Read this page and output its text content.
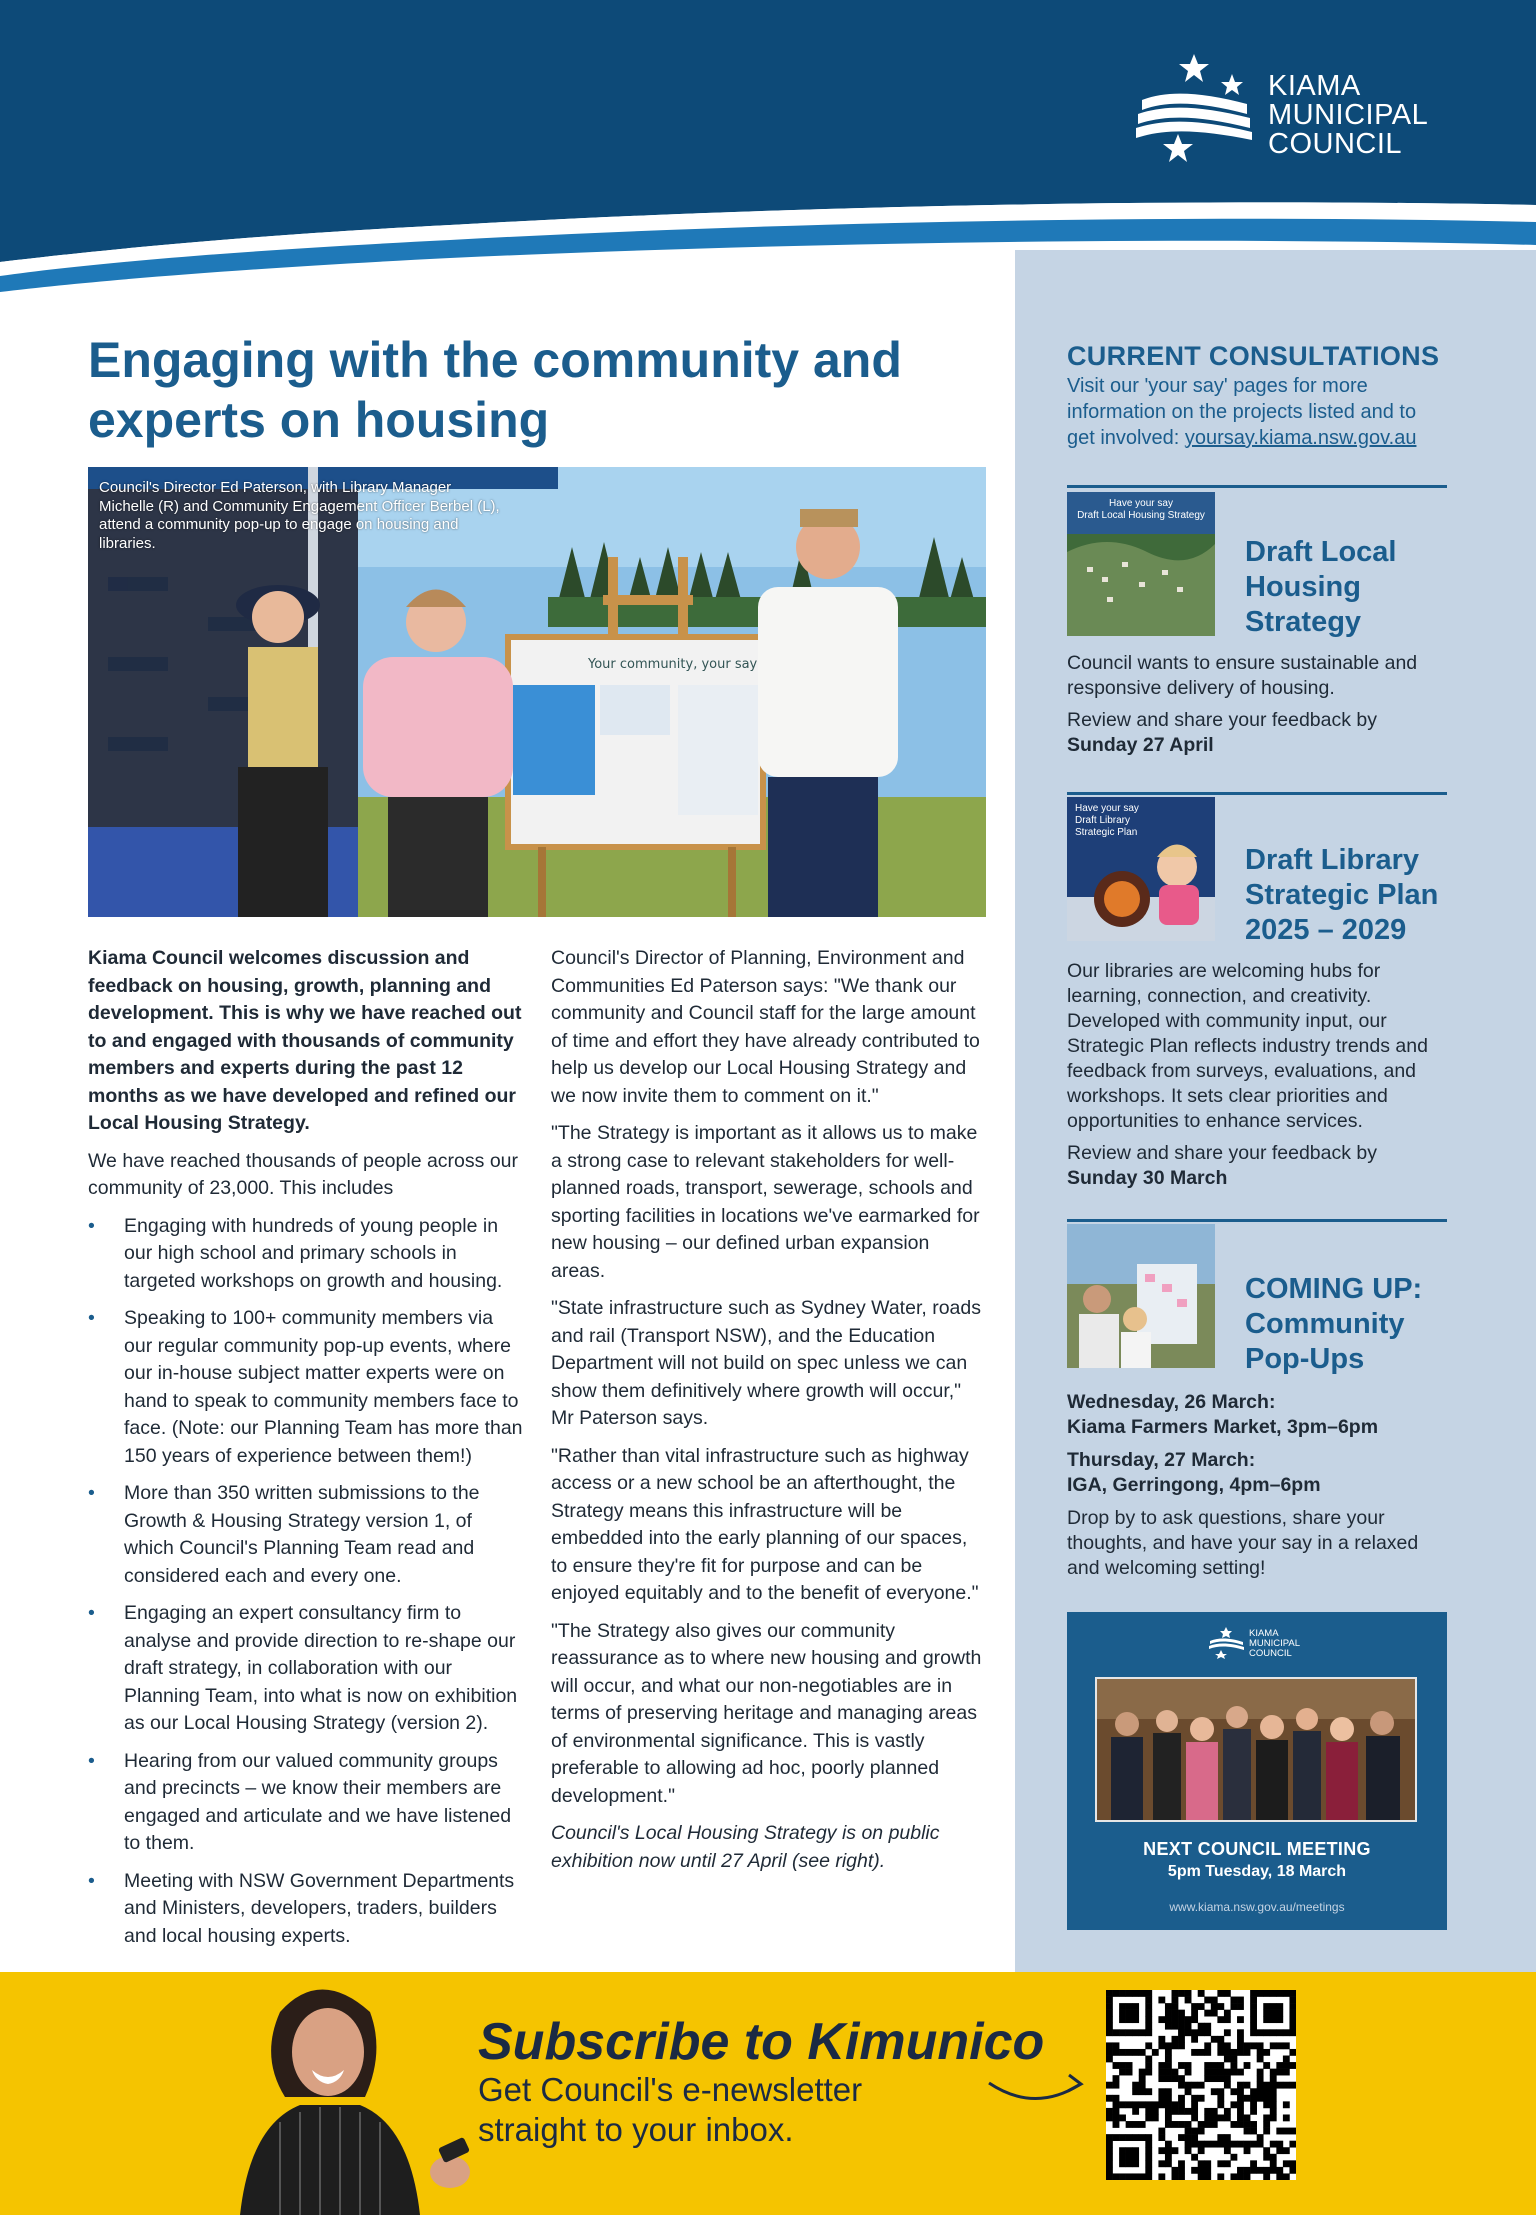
KIAMA
MUNICIPAL
COUNCIL
Engaging with the community and experts on housing
Your community, your say
Council's Director Ed Paterson, with Library Manager Michelle (R) and Community Engagement Officer Berbel (L), attend a community pop-up to engage on housing and libraries.

Kiama Council welcomes discussion and feedback on housing, growth, planning and development. This is why we have reached out to and engaged with thousands of community members and experts during the past 12 months as we have developed and refined our Local Housing Strategy.

We have reached thousands of people across our community of 23,000. This includes

• Engaging with hundreds of young people in our high school and primary schools in targeted workshops on growth and housing.
• Speaking to 100+ community members via our regular community pop-up events, where our in-house subject matter experts were on hand to speak to community members face to face. (Note: our Planning Team has more than 150 years of experience between them!)
• More than 350 written submissions to the Growth & Housing Strategy version 1, of which Council's Planning Team read and considered each and every one.
• Engaging an expert consultancy firm to analyse and provide direction to re-shape our draft strategy, in collaboration with our Planning Team, into what is now on exhibition as our Local Housing Strategy (version 2).
• Hearing from our valued community groups and precincts – we know their members are engaged and articulate and we have listened to them.
• Meeting with NSW Government Departments and Ministers, developers, traders, builders and local housing experts.

Council's Director of Planning, Environment and Communities Ed Paterson says: "We thank our community and Council staff for the large amount of time and effort they have already contributed to help us develop our Local Housing Strategy and we now invite them to comment on it."

"The Strategy is important as it allows us to make a strong case to relevant stakeholders for well-planned roads, transport, sewerage, schools and sporting facilities in locations we've earmarked for new housing – our defined urban expansion areas.

"State infrastructure such as Sydney Water, roads and rail (Transport NSW), and the Education Department will not build on spec unless we can show them definitively where growth will occur," Mr Paterson says.

"Rather than vital infrastructure such as highway access or a new school be an afterthought, the Strategy means this infrastructure will be embedded into the early planning of our spaces, to ensure they're fit for purpose and can be enjoyed equitably and to the benefit of everyone."

"The Strategy also gives our community reassurance as to where new housing and growth will occur, and what our non-negotiables are in terms of preserving heritage and managing areas of environmental significance. This is vastly preferable to allowing ad hoc, poorly planned development."

Council's Local Housing Strategy is on public exhibition now until 27 April (see right).

CURRENT CONSULTATIONS
Visit our 'your say' pages for more information on the projects listed and to get involved: yoursay.kiama.nsw.gov.au
Have your say
Draft Local Housing Strategy
Draft Local Housing Strategy

Council wants to ensure sustainable and responsive delivery of housing.

Review and share your feedback by

Sunday 27 April

Have your say
Draft Library Strategic Plan
Draft Library Strategic Plan 2025 – 2029

Our libraries are welcoming hubs for learning, connection, and creativity. Developed with community input, our Strategic Plan reflects industry trends and feedback from surveys, evaluations, and workshops. It sets clear priorities and opportunities to enhance services.

Review and share your feedback by

Sunday 30 March

COMING UP: Community Pop-Ups

Wednesday, 26 March:

Kiama Farmers Market, 3pm–6pm

Thursday, 27 March:

IGA, Gerringong, 4pm–6pm

Drop by to ask questions, share your thoughts, and have your say in a relaxed and welcoming setting!

KIAMA
MUNICIPAL
COUNCIL
NEXT COUNCIL MEETING
5pm Tuesday, 18 March
www.kiama.nsw.gov.au/meetings
Subscribe to Kimunico
Get Council's e-newsletter
straight to your inbox.
